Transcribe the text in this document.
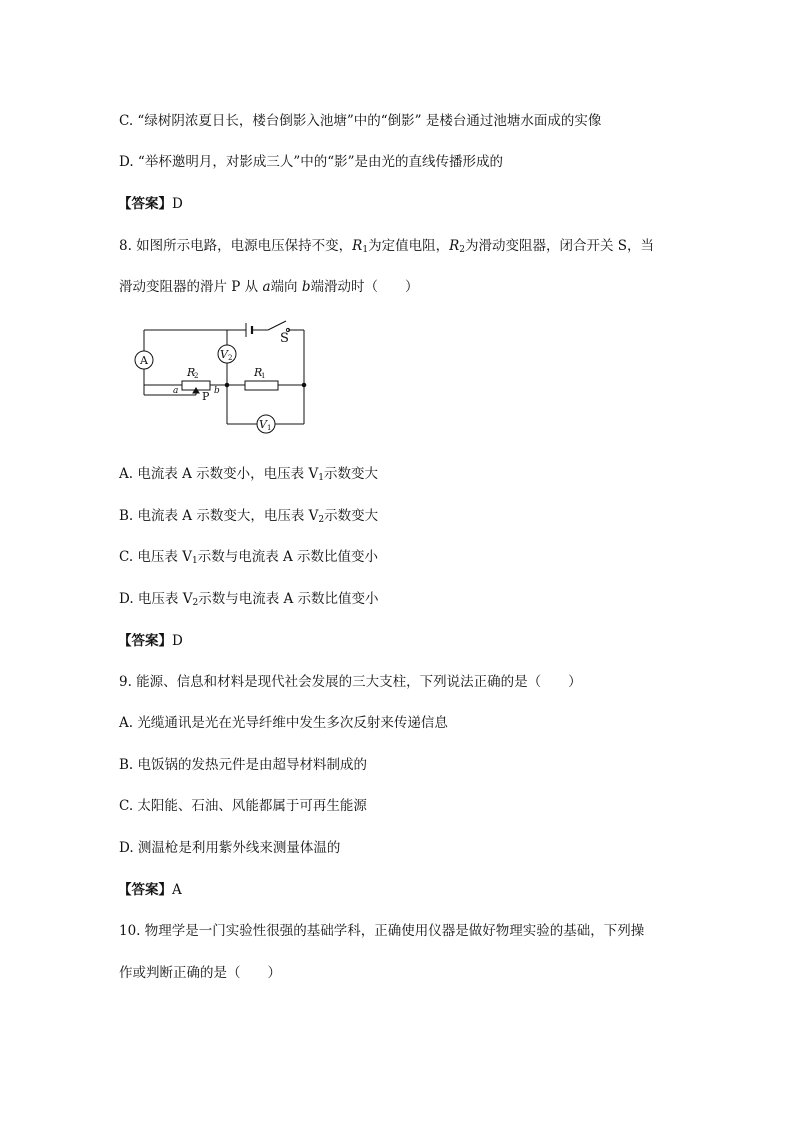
C. “绿树阴浓夏日长，楼台倒影入池塘”中的“倒影” 是楼台通过池塘水面成的实像
D. “举杯邀明月，对影成三人”中的“影”是由光的直线传播形成的
【答案】D
8. 如图所示电路，电源电压保持不变，$R_1$为定值电阻，$R_2$为滑动变阻器，闭合开关 S，当
滑动变阻器的滑片 P 从 a端向 b端滑动时（　　）
A	V 2
V 1
R
1
R
2
S
P
a	b
A. 电流表 A 示数变小，电压表 $V_1$示数变大
B. 电流表 A 示数变大，电压表 $V_2$示数变大
C. 电压表 $V_1$示数与电流表 A 示数比值变小
D. 电压表 $V_2$示数与电流表 A 示数比值变小
【答案】D
9. 能源、信息和材料是现代社会发展的三大支柱，下列说法正确的是（　　）
A. 光缆通讯是光在光导纤维中发生多次反射来传递信息
B. 电饭锅的发热元件是由超导材料制成的
C. 太阳能、石油、风能都属于可再生能源
D. 测温枪是利用紫外线来测量体温的
【答案】A
10. 物理学是一门实验性很强的基础学科，正确使用仪器是做好物理实验的基础，下列操
作或判断正确的是（　　）
